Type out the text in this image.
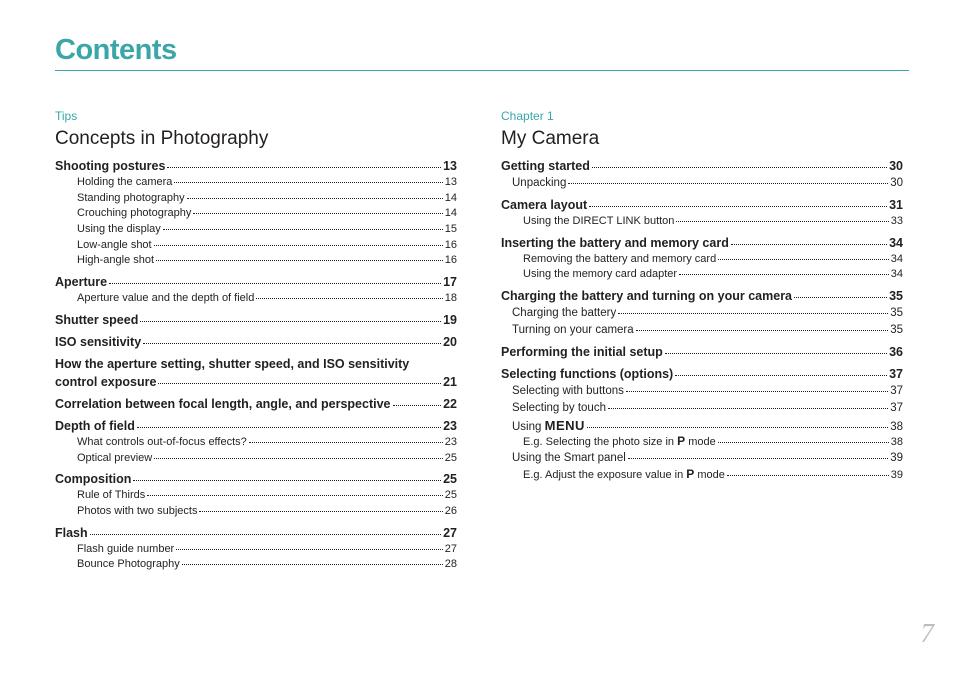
Contents
Tips
Concepts in Photography
Shooting postures	13
Holding the camera	13
Standing photography	14
Crouching photography	14
Using the display	15
Low-angle shot	16
High-angle shot	16
Aperture	17
Aperture value and the depth of field	18
Shutter speed	19
ISO sensitivity	20
How the aperture setting, shutter speed, and ISO sensitivity
control exposure	21
Correlation between focal length, angle, and perspective	22
Depth of field	23
What controls out-of-focus effects?	23
Optical preview	25
Composition	25
Rule of Thirds	25
Photos with two subjects	26
Flash	27
Flash guide number	27
Bounce Photography	28
Chapter 1
My Camera
Getting started	30
Unpacking	30
Camera layout	31
Using the DIRECT LINK button	33
Inserting the battery and memory card	34
Removing the battery and memory card	34
Using the memory card adapter	34
Charging the battery and turning on your camera	35
Charging the battery	35
Turning on your camera	35
Performing the initial setup	36
Selecting functions (options)	37
Selecting with buttons	37
Selecting by touch	37
Using MENU	38
E.g. Selecting the photo size in P mode	38
Using the Smart panel	39
E.g. Adjust the exposure value in P mode	39
7
